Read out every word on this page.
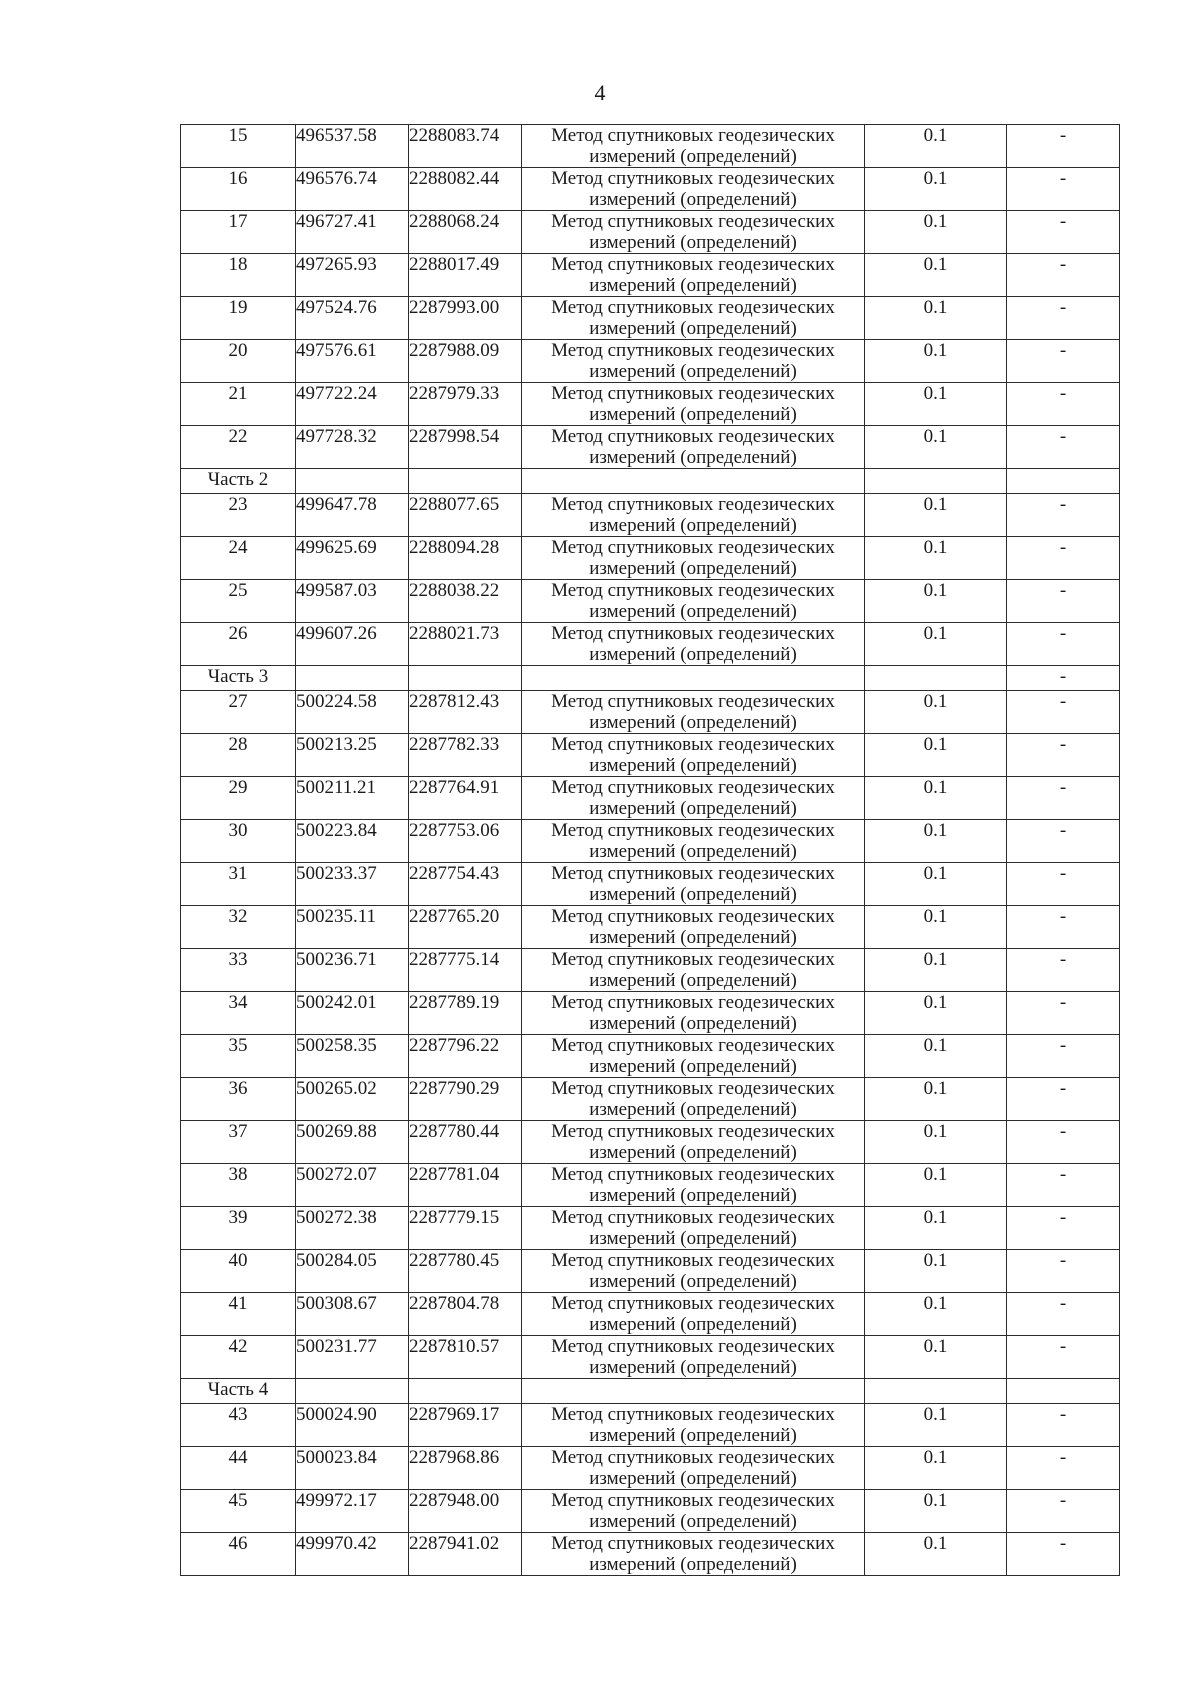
4
15	496537.58	2288083.74	Метод спутниковых геодезических измерений (определений)	0.1	-
16	496576.74	2288082.44	Метод спутниковых геодезических измерений (определений)	0.1	-
17	496727.41	2288068.24	Метод спутниковых геодезических измерений (определений)	0.1	-
18	497265.93	2288017.49	Метод спутниковых геодезических измерений (определений)	0.1	-
19	497524.76	2287993.00	Метод спутниковых геодезических измерений (определений)	0.1	-
20	497576.61	2287988.09	Метод спутниковых геодезических измерений (определений)	0.1	-
21	497722.24	2287979.33	Метод спутниковых геодезических измерений (определений)	0.1	-
22	497728.32	2287998.54	Метод спутниковых геодезических измерений (определений)	0.1	-
Часть 2					
23	499647.78	2288077.65	Метод спутниковых геодезических измерений (определений)	0.1	-
24	499625.69	2288094.28	Метод спутниковых геодезических измерений (определений)	0.1	-
25	499587.03	2288038.22	Метод спутниковых геодезических измерений (определений)	0.1	-
26	499607.26	2288021.73	Метод спутниковых геодезических измерений (определений)	0.1	-
Часть 3					-
27	500224.58	2287812.43	Метод спутниковых геодезических измерений (определений)	0.1	-
28	500213.25	2287782.33	Метод спутниковых геодезических измерений (определений)	0.1	-
29	500211.21	2287764.91	Метод спутниковых геодезических измерений (определений)	0.1	-
30	500223.84	2287753.06	Метод спутниковых геодезических измерений (определений)	0.1	-
31	500233.37	2287754.43	Метод спутниковых геодезических измерений (определений)	0.1	-
32	500235.11	2287765.20	Метод спутниковых геодезических измерений (определений)	0.1	-
33	500236.71	2287775.14	Метод спутниковых геодезических измерений (определений)	0.1	-
34	500242.01	2287789.19	Метод спутниковых геодезических измерений (определений)	0.1	-
35	500258.35	2287796.22	Метод спутниковых геодезических измерений (определений)	0.1	-
36	500265.02	2287790.29	Метод спутниковых геодезических измерений (определений)	0.1	-
37	500269.88	2287780.44	Метод спутниковых геодезических измерений (определений)	0.1	-
38	500272.07	2287781.04	Метод спутниковых геодезических измерений (определений)	0.1	-
39	500272.38	2287779.15	Метод спутниковых геодезических измерений (определений)	0.1	-
40	500284.05	2287780.45	Метод спутниковых геодезических измерений (определений)	0.1	-
41	500308.67	2287804.78	Метод спутниковых геодезических измерений (определений)	0.1	-
42	500231.77	2287810.57	Метод спутниковых геодезических измерений (определений)	0.1	-
Часть 4					
43	500024.90	2287969.17	Метод спутниковых геодезических измерений (определений)	0.1	-
44	500023.84	2287968.86	Метод спутниковых геодезических измерений (определений)	0.1	-
45	499972.17	2287948.00	Метод спутниковых геодезических измерений (определений)	0.1	-
46	499970.42	2287941.02	Метод спутниковых геодезических измерений (определений)	0.1	-
